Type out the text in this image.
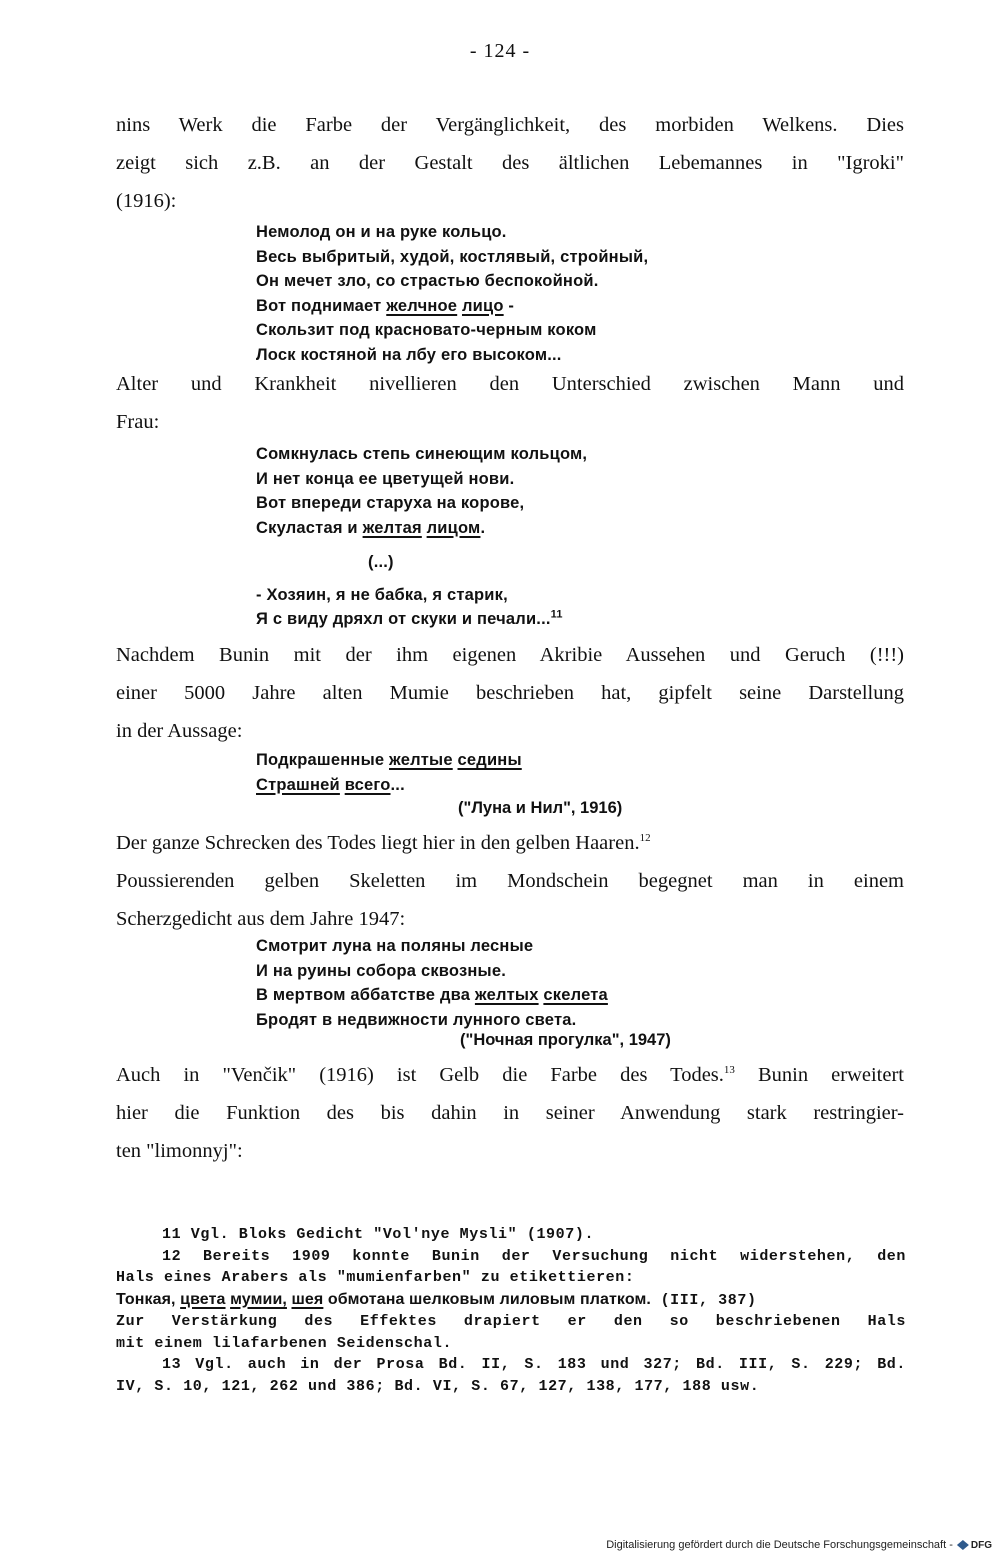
- 124 -
nins Werk die Farbe der Vergänglichkeit, des morbiden Welkens. Dies
zeigt sich z.B. an der Gestalt des ältlichen Lebemannes in "Igroki"
(1916):
Немолод он и на руке кольцо.
Весь выбритый, худой, костлявый, стройный,
Он мечет зло, со страстью беспокойной.
Вот поднимает желчное лицо -
Скользит под красновато-черным коком
Лоск костяной на лбу его высоком...
Alter und Krankheit nivellieren den Unterschied zwischen Mann und
Frau:
Сомкнулась степь синеющим кольцом,
И нет конца ее цветущей нови.
Вот впереди старуха на корове,
Скуластая и желтая лицом.
(...)
- Хозяин, я не бабка, я старик,
Я с виду дряхл от скуки и печали...$^{11}$
Nachdem Bunin mit der ihm eigenen Akribie Aussehen und Geruch (!!!)
einer 5000 Jahre alten Mumie beschrieben hat, gipfelt seine Darstellung
in der Aussage:
Подкрашенные желтые седины
Страшней всего...
("Луна и Нил", 1916)
Der ganze Schrecken des Todes liegt hier in den gelben Haaren.$^{12}$
Poussierenden gelben Skeletten im Mondschein begegnet man in einem
Scherzgedicht aus dem Jahre 1947:
Смотрит луна на поляны лесные
И на руины собора сквозные.
В мертвом аббатстве два желтых скелета
Бродят в недвижности лунного света.
("Ночная прогулка", 1947)
Auch in "Venčik" (1916) ist Gelb die Farbe des Todes.$^{13}$ Bunin erweitert
hier die Funktion des bis dahin in seiner Anwendung stark restringier-
ten "limonnyj":
11 Vgl. Bloks Gedicht "Vol'nye Mysli" (1907).
12 Bereits 1909 konnte Bunin der Versuchung nicht widerstehen, den
Hals eines Arabers als "mumienfarben" zu etikettieren:
Тонкая, цвета мумии, шея обмотана шелковым лиловым платком. (III, 387)
Zur Verstärkung des Effektes drapiert er den so beschriebenen Hals
mit einem lilafarbenen Seidenschal.
13 Vgl. auch in der Prosa Bd. II, S. 183 und 327; Bd. III, S. 229; Bd.
IV, S. 10, 121, 262 und 386; Bd. VI, S. 67, 127, 138, 177, 188 usw.
Digitalisierung gefördert durch die Deutsche Forschungsgemeinschaft - DFG
